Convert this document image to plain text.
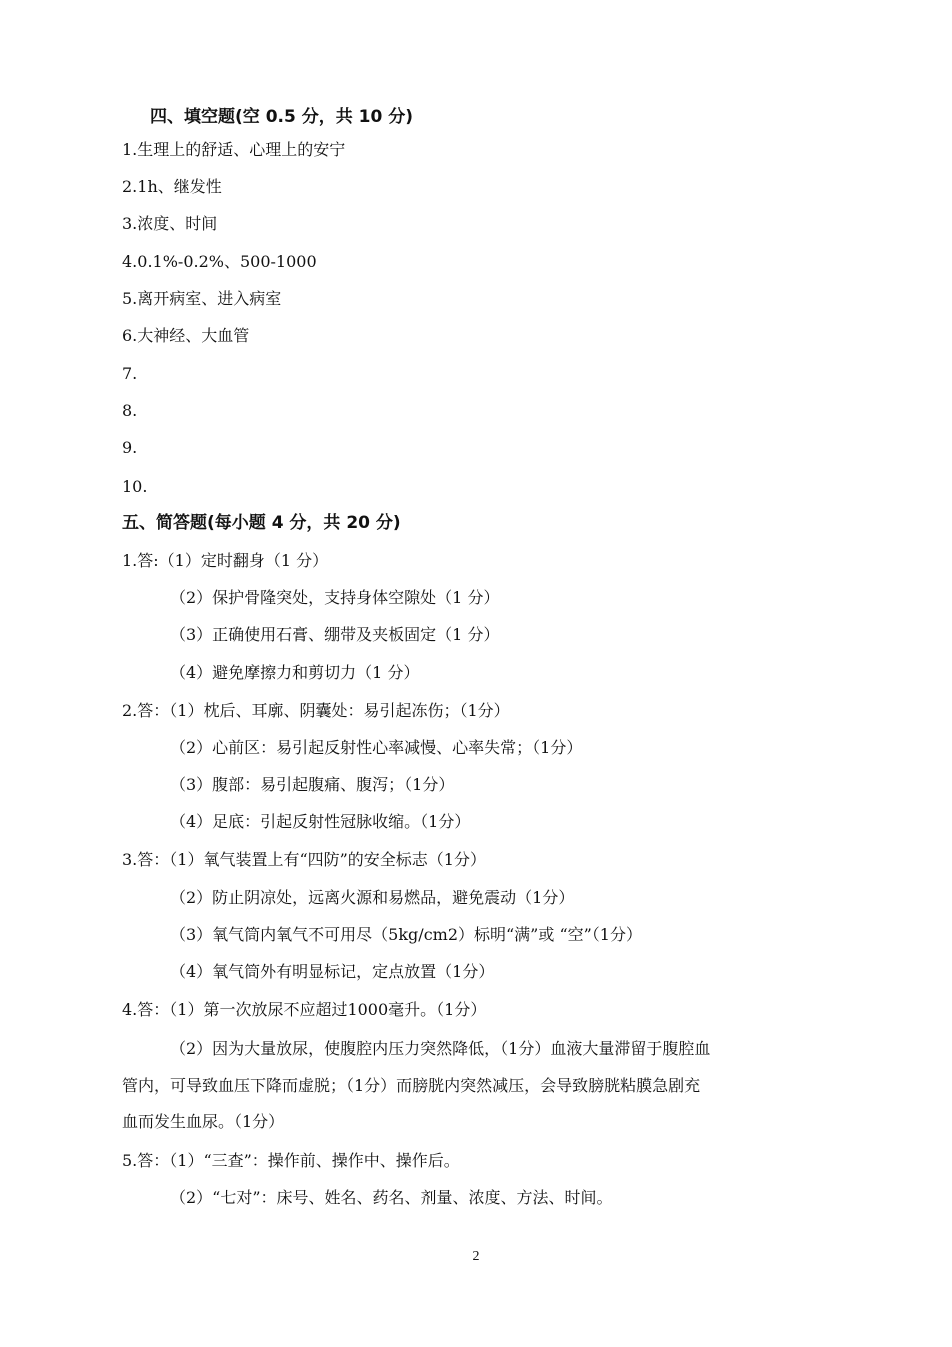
四、填空题(空 0.5 分，共 10 分)
1.生理上的舒适、心理上的安宁
2.1h、继发性
3.浓度、时间
4.0.1%-0.2%、500-1000
5.离开病室、进入病室
6.大神经、大血管
7.
8.
9.
10.
五、简答题(每小题 4 分，共 20 分)
1.答:（1）定时翻身（1 分）
（2）保护骨隆突处，支持身体空隙处（1 分）
（3）正确使用石膏、绷带及夹板固定（1 分）
（4）避免摩擦力和剪切力（1 分）
2.答：（1）枕后、耳廓、阴囊处：易引起冻伤；（1分）
（2）心前区：易引起反射性心率减慢、心率失常；（1分）
（3）腹部：易引起腹痛、腹泻；（1分）
（4）足底：引起反射性冠脉收缩。（1分）
3.答：（1）氧气装置上有“四防”的安全标志（1分）
（2）防止阴凉处，远离火源和易燃品，避免震动（1分）
（3）氧气筒内氧气不可用尽（5kg/cm2）标明“满”或 “空”（1分）
（4）氧气筒外有明显标记，定点放置（1分）
4.答：（1）第一次放尿不应超过1000毫升。（1分）
（2）因为大量放尿，使腹腔内压力突然降低，（1分）血液大量滞留于腹腔血
管内，可导致血压下降而虚脱；（1分）而膀胱内突然减压，会导致膀胱粘膜急剧充
血而发生血尿。（1分）
5.答：（1）“三查”：操作前、操作中、操作后。
（2）“七对”：床号、姓名、药名、剂量、浓度、方法、时间。
2
